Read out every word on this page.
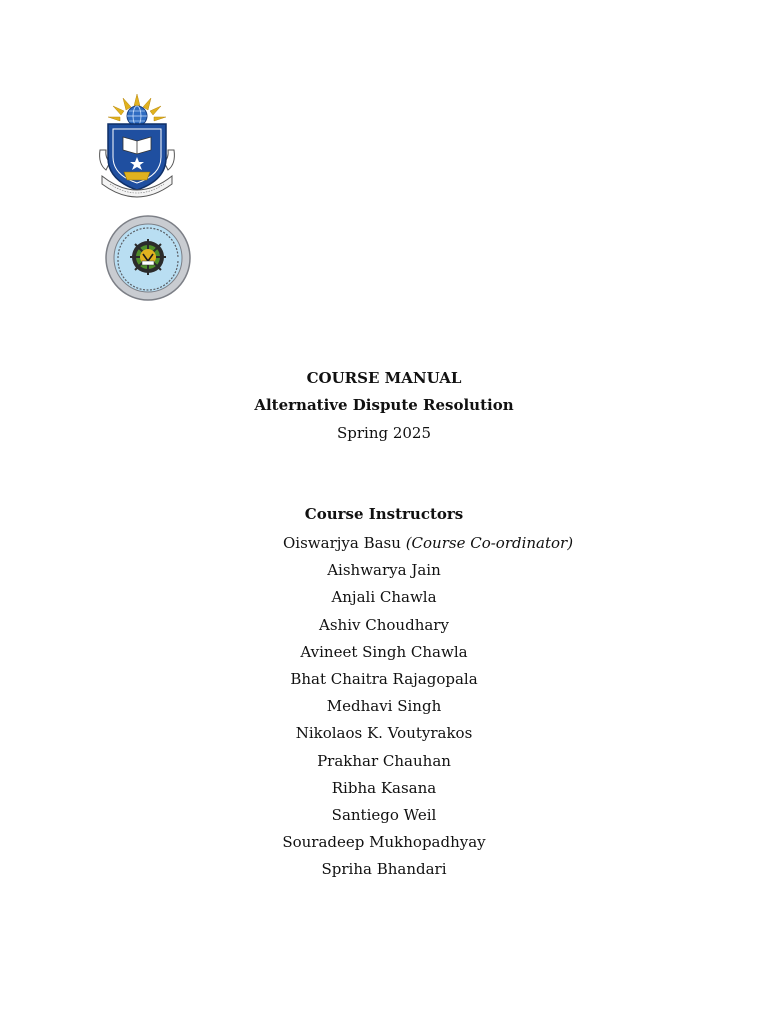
COURSE MANUAL
Alternative Dispute Resolution
Spring 2025
Course Instructors
Oiswarjya Basu (Course Co-ordinator)
Aishwarya Jain
Anjali Chawla
Ashiv Choudhary
Avineet Singh Chawla
Bhat Chaitra Rajagopala
Medhavi Singh
Nikolaos K. Voutyrakos
Prakhar Chauhan
Ribha Kasana
Santiego Weil
Souradeep Mukhopadhyay
Spriha Bhandari
